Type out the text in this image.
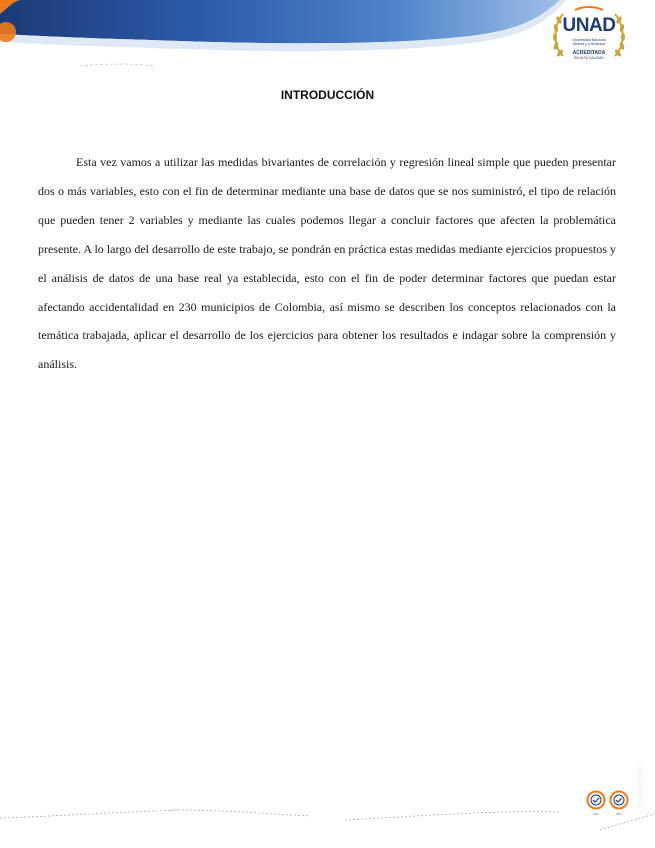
UNAD
Universidad Nacional
Abierta y a Distancia
ACREDITADA
EN ALTA CALIDAD
INTRODUCCIÓN

Esta vez vamos a utilizar las medidas bivariantes de correlación y regresión lineal simple que pueden presentar dos o más variables, esto con el fin de determinar mediante una base de datos que se nos suministró, el tipo de relación que pueden tener 2 variables y mediante las cuales podemos llegar a concluir factores que afecten la problemática presente. A lo largo del desarrollo de este trabajo, se pondrán en práctica estas medidas mediante ejercicios propuestos y el análisis de datos de una base real ya establecida, esto con el fin de poder determinar factores que puedan estar afectando accidentalidad en 230 municipios de Colombia, así mismo se describen los conceptos relacionados con la temática trabajada, aplicar el desarrollo de los ejercicios para obtener los resultados e indagar sobre la comprensión y análisis.

ISO	ISO
